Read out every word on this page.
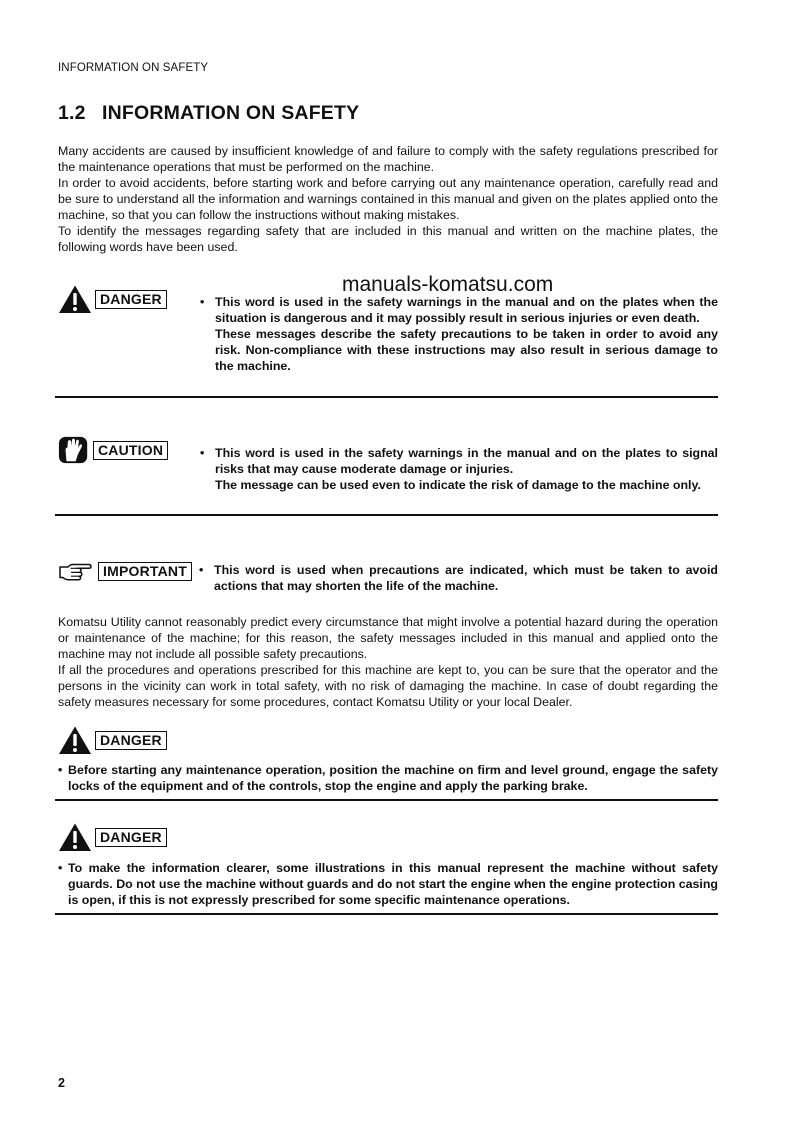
INFORMATION ON SAFETY
1.2 INFORMATION ON SAFETY

Many accidents are caused by insufficient knowledge of and failure to comply with the safety regulations prescribed for the maintenance operations that must be performed on the machine.

In order to avoid accidents, before starting work and before carrying out any maintenance operation, carefully read and be sure to understand all the information and warnings contained in this manual and given on the plates applied onto the machine, so that you can follow the instructions without making mistakes.

To identify the messages regarding safety that are included in this manual and written on the machine plates, the following words have been used.

manuals-komatsu.com
DANGER	• This word is used in the safety warnings in the manual and on the plates when the situation is dangerous and it may possibly result in serious injuries or even death.

These messages describe the safety precautions to be taken in order to avoid any risk. Non-compliance with these instructions may also result in serious damage to the machine.

CAUTION	• This word is used in the safety warnings in the manual and on the plates to signal risks that may cause moderate damage or injuries.

The message can be used even to indicate the risk of damage to the machine only.

IMPORTANT • This word is used when precautions are indicated, which must be taken to avoid actions that may shorten the life of the machine.

Komatsu Utility cannot reasonably predict every circumstance that might involve a potential hazard during the operation or maintenance of the machine; for this reason, the safety messages included in this manual and applied onto the machine may not include all possible safety precautions.

If all the procedures and operations prescribed for this machine are kept to, you can be sure that the operator and the persons in the vicinity can work in total safety, with no risk of damaging the machine. In case of doubt regarding the safety measures necessary for some procedures, contact Komatsu Utility or your local Dealer.

DANGER
• Before starting any maintenance operation, position the machine on firm and level ground, engage the safety locks of the equipment and of the controls, stop the engine and apply the parking brake.
DANGER
• To make the information clearer, some illustrations in this manual represent the machine without safety guards. Do not use the machine without guards and do not start the engine when the engine protection casing is open, if this is not expressly prescribed for some specific maintenance operations.
2
